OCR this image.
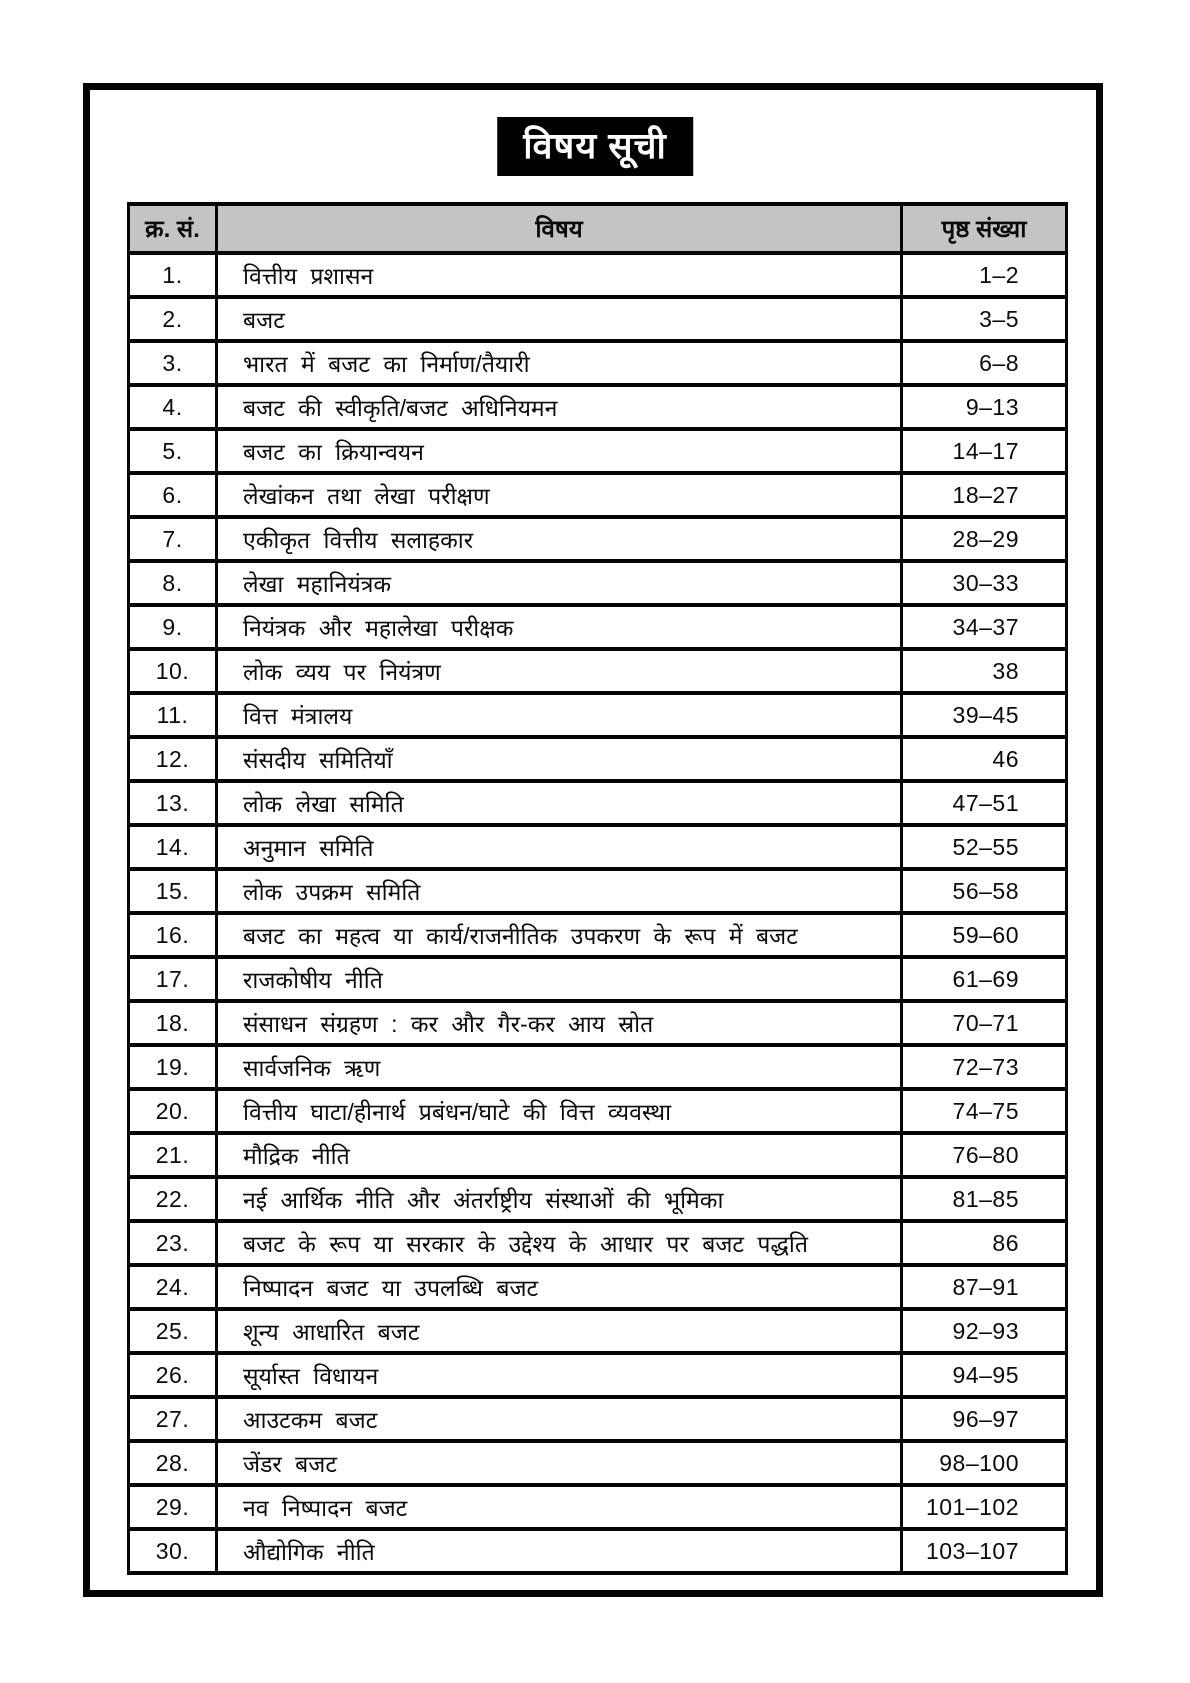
विषय सूची
क्र. सं.	विषय	पृष्ठ संख्या
1.	वित्तीय प्रशासन	1–2
2.	बजट	3–5
3.	भारत में बजट का निर्माण/तैयारी	6–8
4.	बजट की स्वीकृति/बजट अधिनियमन	9–13
5.	बजट का क्रियान्वयन	14–17
6.	लेखांकन तथा लेखा परीक्षण	18–27
7.	एकीकृत वित्तीय सलाहकार	28–29
8.	लेखा महानियंत्रक	30–33
9.	नियंत्रक और महालेखा परीक्षक	34–37
10.	लोक व्यय पर नियंत्रण	38
11.	वित्त मंत्रालय	39–45
12.	संसदीय समितियाँ	46
13.	लोक लेखा समिति	47–51
14.	अनुमान समिति	52–55
15.	लोक उपक्रम समिति	56–58
16.	बजट का महत्व या कार्य/राजनीतिक उपकरण के रूप में बजट	59–60
17.	राजकोषीय नीति	61–69
18.	संसाधन संग्रहण : कर और गैर-कर आय स्रोत	70–71
19.	सार्वजनिक ऋण	72–73
20.	वित्तीय घाटा/हीनार्थ प्रबंधन/घाटे की वित्त व्यवस्था	74–75
21.	मौद्रिक नीति	76–80
22.	नई आर्थिक नीति और अंतर्राष्ट्रीय संस्थाओं की भूमिका	81–85
23.	बजट के रूप या सरकार के उद्देश्य के आधार पर बजट पद्धति	86
24.	निष्पादन बजट या उपलब्धि बजट	87–91
25.	शून्य आधारित बजट	92–93
26.	सूर्यास्त विधायन	94–95
27.	आउटकम बजट	96–97
28.	जेंडर बजट	98–100
29.	नव निष्पादन बजट	101–102
30.	औद्योगिक नीति	103–107
